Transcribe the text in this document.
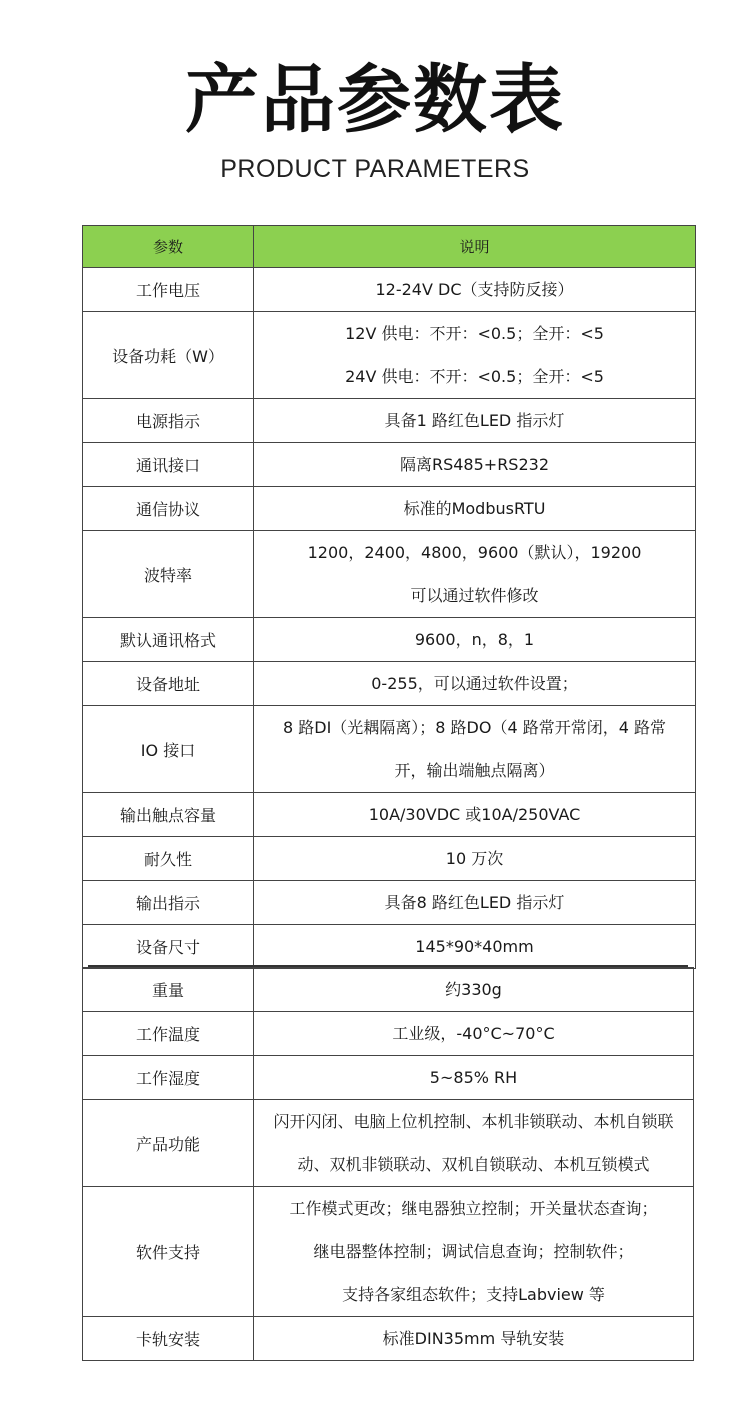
产品参数表
PRODUCT PARAMETERS
参数	说明
工作电压	12-24V DC（支持防反接）

设备功耗（W）	12V 供电：不开：<0.5；全开：<5
24V 供电：不开：<0.5；全开：<5

电源指示	具备1 路红色LED 指示灯

通讯接口	隔离RS485+RS232

通信协议	标准的ModbusRTU

波特率	1200，2400，4800，9600（默认），19200
可以通过软件修改

默认通讯格式	9600，n，8，1

设备地址	0-255，可以通过软件设置；

IO 接口	8 路DI（光耦隔离）；8 路DO（4 路常开常闭，4 路常
开，输出端触点隔离）

输出触点容量	10A/30VDC 或10A/250VAC

耐久性	10 万次

输出指示	具备8 路红色LED 指示灯

设备尺寸	145*90*40mm
重量	约330g

工作温度	工业级，-40°C~70°C

工作湿度	5~85% RH

产品功能	闪开闪闭、电脑上位机控制、本机非锁联动、本机自锁联
动、双机非锁联动、双机自锁联动、本机互锁模式

软件支持	工作模式更改；继电器独立控制；开关量状态查询；
继电器整体控制；调试信息查询；控制软件；
支持各家组态软件；支持Labview 等

卡轨安装	标准DIN35mm 导轨安装
